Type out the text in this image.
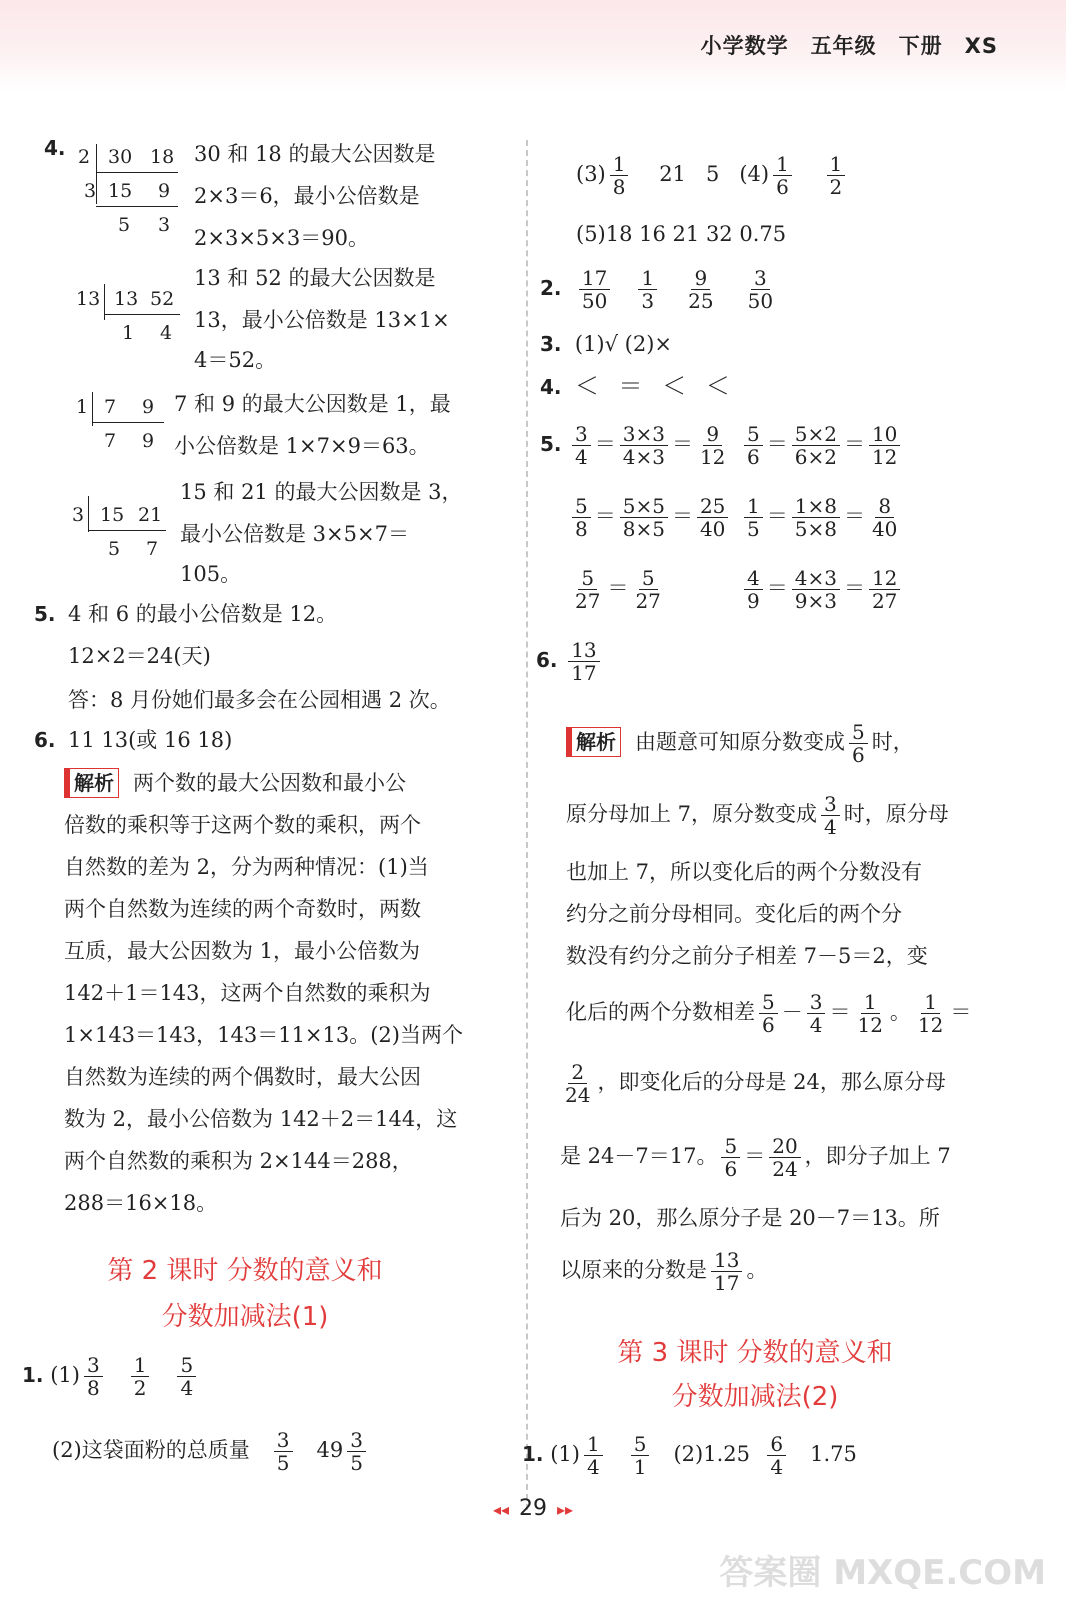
小学数学 五年级 下册 XS
4. 2 30 18
3 15 9
5 3
30 和 18 的最大公因数是
2×3＝6，最小公倍数是
2×3×5×3＝90。
13 13 52
1 4
13 和 52 的最大公因数是
13，最小公倍数是 13×1×
4＝52。
1 7 9
7 9
7 和 9 的最大公因数是 1，最
小公倍数是 1×7×9＝63。
3 15 21
5 7
15 和 21 的最大公因数是 3，
最小公倍数是 3×5×7＝
105。
5. 4 和 6 的最小公倍数是 12。
12×2＝24(天)
答：8 月份她们最多会在公园相遇 2 次。
6. 11 13(或 16 18)
解析 两个数的最大公因数和最小公
倍数的乘积等于这两个数的乘积，两个
自然数的差为 2，分为两种情况：(1)当
两个自然数为连续的两个奇数时，两数
互质，最大公因数为 1，最小公倍数为
142＋1＝143，这两个自然数的乘积为
1×143＝143，143＝11×13。(2)当两个
自然数为连续的两个偶数时，最大公因
数为 2，最小公倍数为 142＋2＝144，这
两个自然数的乘积为 2×144＝288，
288＝16×18。
第 2 课时 分数的意义和
分数加减法(1)
1. $(1) \frac{3}{8}$
$\frac{1}{2}$
$\frac{5}{4}$
(2)这袋面粉的总质量 $\frac{3}{5} 49 \frac{3}{5}$
$(3) \frac{1}{8} 21$ 5 $(4) \frac{1}{6}$
$\frac{1}{2}$
(5)18 16 21 32 0.75
2. $\frac{17}{50}$
$\frac{1}{3}$
$\frac{9}{25}$
$\frac{3}{50}$
3. (1)√ (2)×
4. ＜ ＝ ＜ ＜
5. $\frac{3}{4} = \frac{3\times 3}{4\times 3} = \frac{9}{12} \frac{5}{6} = \frac{5\times 2}{6\times 2} = \frac{10}{12}$
$\frac{5}{8} = \frac{5\times 5}{8\times 5} = \frac{25}{40} \frac{1}{5} = \frac{1\times 8}{5\times 8} = \frac{8}{40}$
$\frac{5}{27} = \frac{5}{27}$	$\frac{4}{9} = \frac{4\times 3}{9\times 3} = \frac{12}{27}$
6. $\frac{13}{17}$
解析 由题意可知原分数变成 $\frac{5}{6}$ 时，
原分母加上 7，原分数变成 $\frac{3}{4}$ 时，原分母
也加上 7，所以变化后的两个分数没有
约分之前分母相同。变化后的两个分
数没有约分之前分子相差 7－5＝2，变
化后的两个分数相差 $\frac{5}{6} - \frac{3}{4} = \frac{1}{12}$ 。 $\frac{1}{12}$ ＝
$\frac{2}{24}$ ，即变化后的分母是 24，那么原分母
是 24－7＝17。 $\frac{5}{6} = \frac{20}{24}$ ，即分子加上 7
后为 20，那么原分子是 20－7＝13。所
以原来的分数是 $\frac{13}{17}$ 。
第 3 课时 分数的意义和
分数加减法(2)
1. $(1) \frac{1}{4}$
$\frac{5}{1} (2)1.25 \frac{6}{4} 1.75$
◂◂ 29 ▸▸
答案圈 MXQE.COM
